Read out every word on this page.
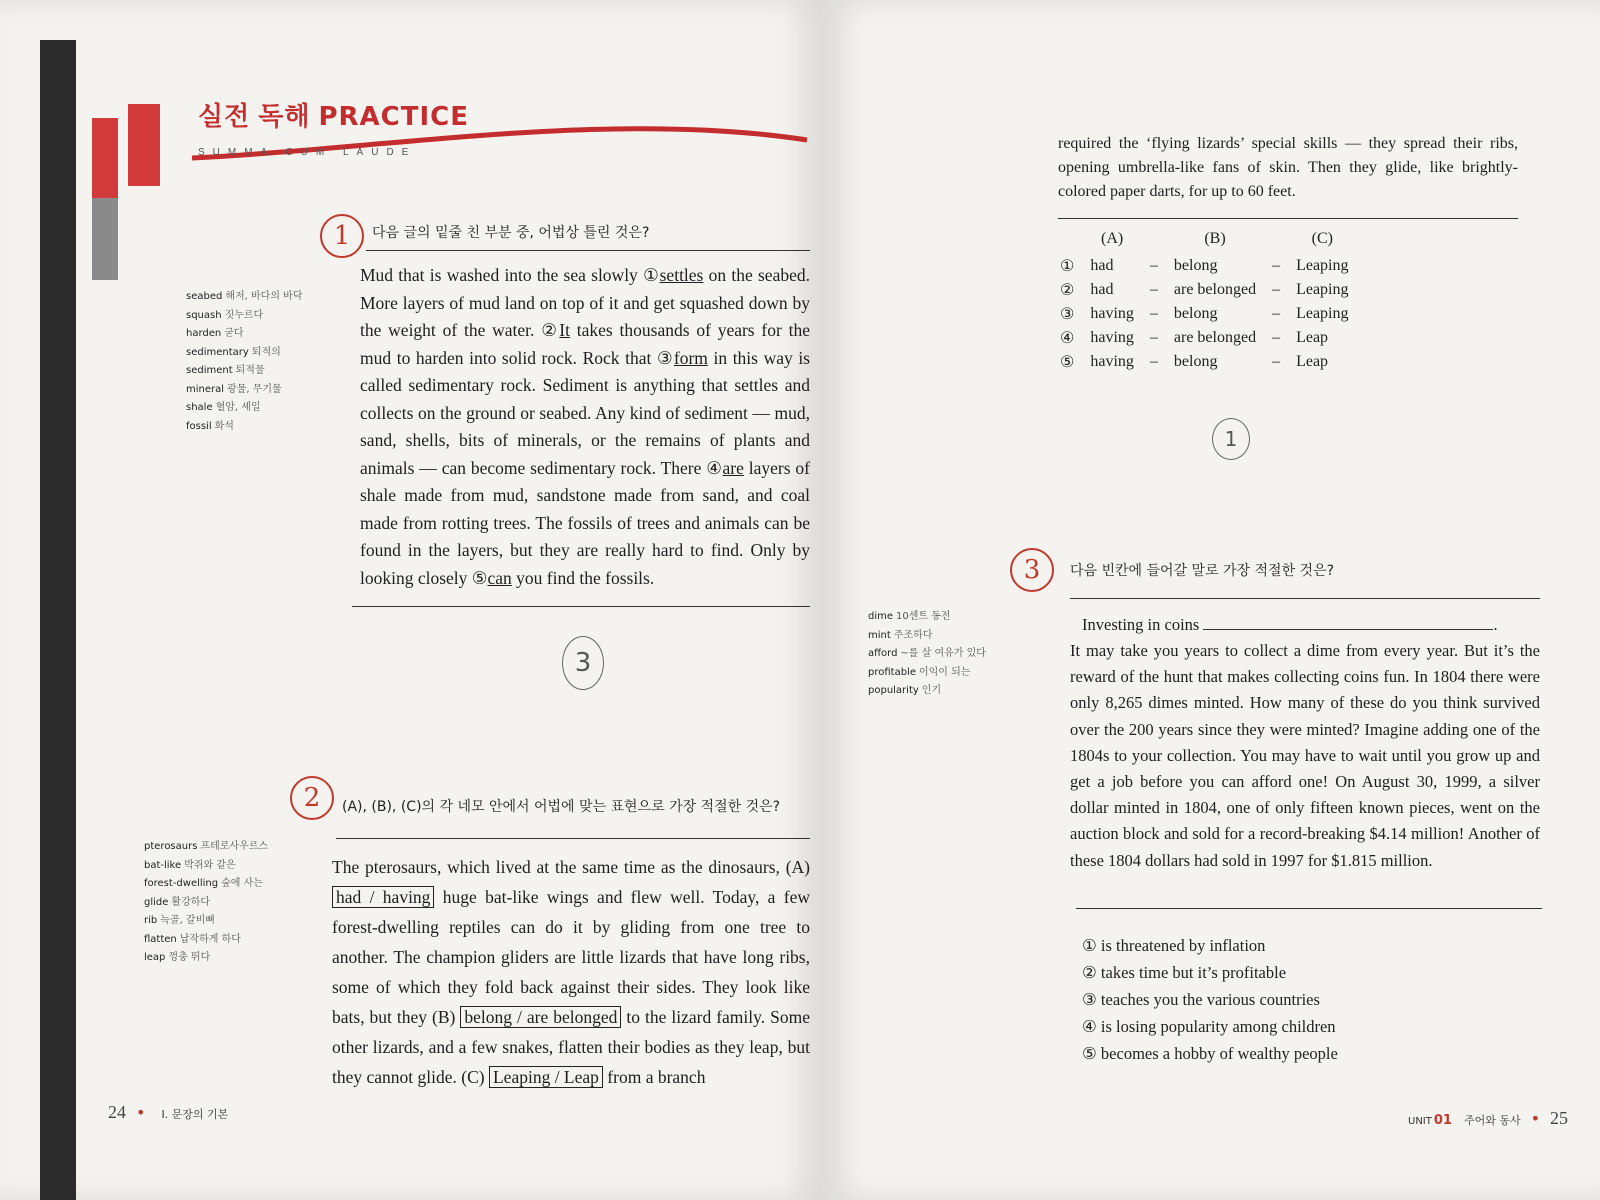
실전 독해 PRACTICE
SUMMA CUM LAUDE
1	다음 글의 밑줄 친 부분 중, 어법상 틀린 것은?
seabed 해저, 바다의 바닥
squash 짓누르다
harden 굳다
sedimentary 퇴적의
sediment 퇴적물
mineral 광물, 무기물
shale 혈암, 셰일
fossil 화석
Mud that is washed into the sea slowly ①settles on the seabed. More layers of mud land on top of it and get squashed down by the weight of the water. ②It takes thousands of years for the mud to harden into solid rock. Rock that ③form in this way is called sedimentary rock. Sediment is anything that settles and collects on the ground or seabed. Any kind of sediment — mud, sand, shells, bits of minerals, or the remains of plants and animals — can become sedimentary rock. There ④are layers of shale made from mud, sandstone made from sand, and coal made from rotting trees. The fossils of trees and animals can be found in the layers, but they are really hard to find. Only by looking closely ⑤can you find the fossils.
3
2	(A), (B), (C)의 각 네모 안에서 어법에 맞는 표현으로 가장 적절한 것은?
pterosaurs 프테로사우르스
bat-like 박쥐와 같은
forest-dwelling 숲에 사는
glide 활강하다
rib 늑골, 갈비뼈
flatten 납작하게 하다
leap 껑충 뛰다
The pterosaurs, which lived at the same time as the dinosaurs, (A) had / having huge bat-like wings and flew well. Today, a few forest-dwelling reptiles can do it by gliding from one tree to another. The champion gliders are little lizards that have long ribs, some of which they fold back against their sides. They look like bats, but they (B) belong / are belonged to the lizard family. Some other lizards, and a few snakes, flatten their bodies as they leap, but they cannot glide. (C) Leaping / Leap from a branch
24 • I. 문장의 기본
required the ‘flying lizards’ special skills — they spread their ribs, opening umbrella-like fans of skin. Then they glide, like brightly-colored paper darts, for up to 60 feet.
	(A)		(B)		(C)
①	had	–	belong	–	Leaping
②	had	–	are belonged	–	Leaping
③	having	–	belong	–	Leaping
④	having	–	are belonged	–	Leap
⑤	having	–	belong	–	Leap
1
3	다음 빈칸에 들어갈 말로 가장 적절한 것은?
dime 10센트 동전
mint 주조하다
afford ~를 살 여유가 있다
profitable 이익이 되는
popularity 인기
Investing in coins	.
It may take you years to collect a dime from every year. But it’s the reward of the hunt that makes collecting coins fun. In 1804 there were only 8,265 dimes minted. How many of these do you think survived over the 200 years since they were minted? Imagine adding one of the 1804s to your collection. You may have to wait until you grow up and get a job before you can afford one! On August 30, 1999, a silver dollar minted in 1804, one of only fifteen known pieces, went on the auction block and sold for a record-breaking $4.14 million! Another of these 1804 dollars had sold in 1997 for $1.815 million.
① is threatened by inflation
② takes time but it’s profitable
③ teaches you the various countries
④ is losing popularity among children
⑤ becomes a hobby of wealthy people
UNIT 01 주어와 동사 • 25
